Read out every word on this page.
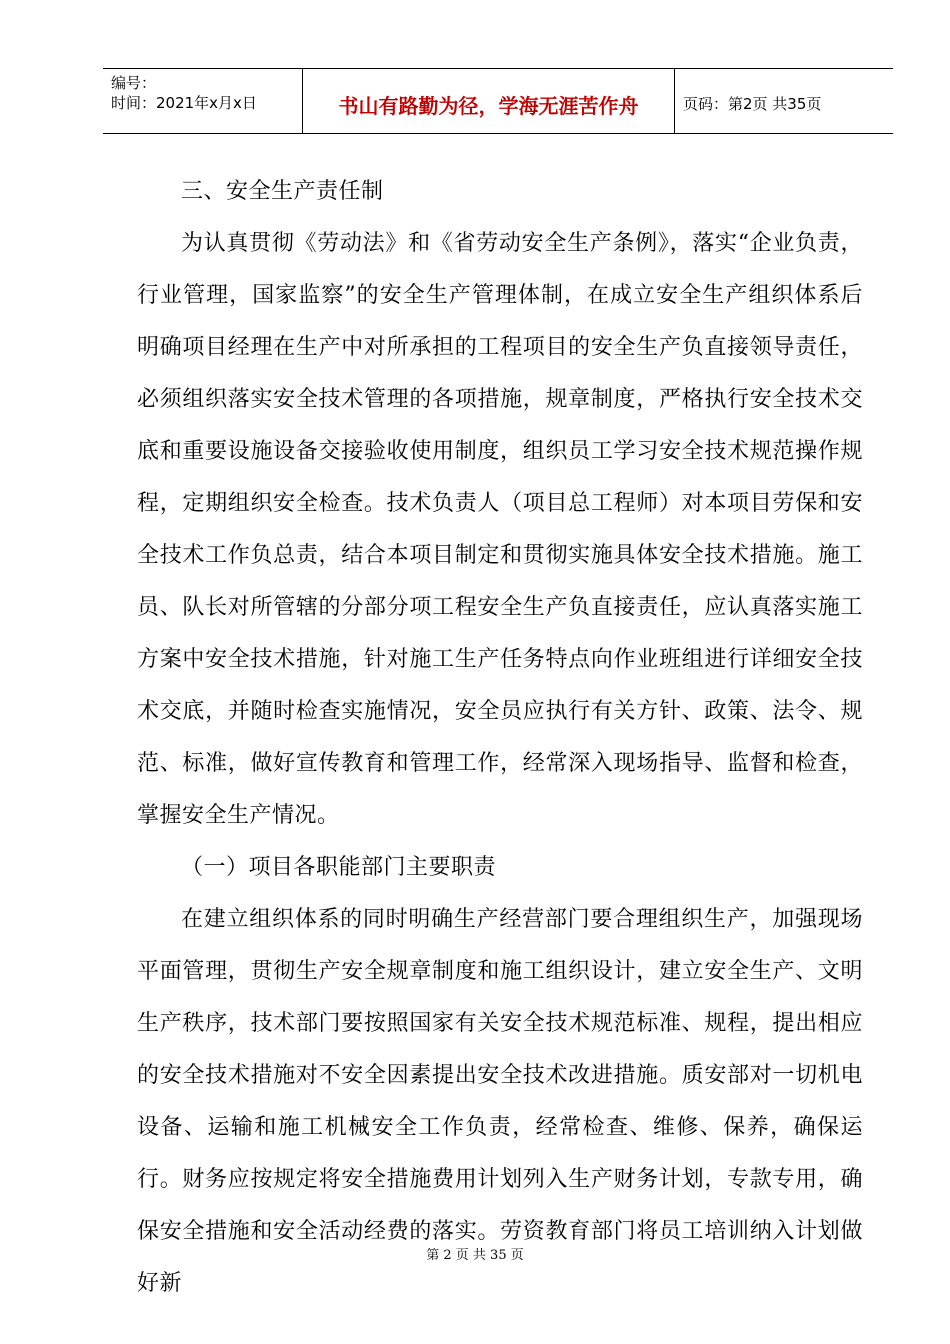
编号：
时间：2021年x月x日	书山有路勤为径，学海无涯苦作舟	页码：第2页 共35页

三、安全生产责任制

为认真贯彻《劳动法》和《省劳动安全生产条例》，落实“企业负责，行业管理，国家监察”的安全生产管理体制，在成立安全生产组织体系后明确项目经理在生产中对所承担的工程项目的安全生产负直接领导责任，必须组织落实安全技术管理的各项措施，规章制度，严格执行安全技术交底和重要设施设备交接验收使用制度，组织员工学习安全技术规范操作规程，定期组织安全检查。技术负责人（项目总工程师）对本项目劳保和安全技术工作负总责，结合本项目制定和贯彻实施具体安全技术措施。施工员、队长对所管辖的分部分项工程安全生产负直接责任，应认真落实施工方案中安全技术措施，针对施工生产任务特点向作业班组进行详细安全技术交底，并随时检查实施情况，安全员应执行有关方针、政策、法令、规范、标准，做好宣传教育和管理工作，经常深入现场指导、监督和检查，掌握安全生产情况。

（一）项目各职能部门主要职责

在建立组织体系的同时明确生产经营部门要合理组织生产，加强现场平面管理，贯彻生产安全规章制度和施工组织设计，建立安全生产、文明生产秩序，技术部门要按照国家有关安全技术规范标准、规程，提出相应的安全技术措施对不安全因素提出安全技术改进措施。质安部对一切机电设备、运输和施工机械安全工作负责，经常检查、维修、保养，确保运行。财务应按规定将安全措施费用计划列入生产财务计划，专款专用，确保安全措施和安全活动经费的落实。劳资教育部门将员工培训纳入计划做好新

第 2 页 共 35 页
